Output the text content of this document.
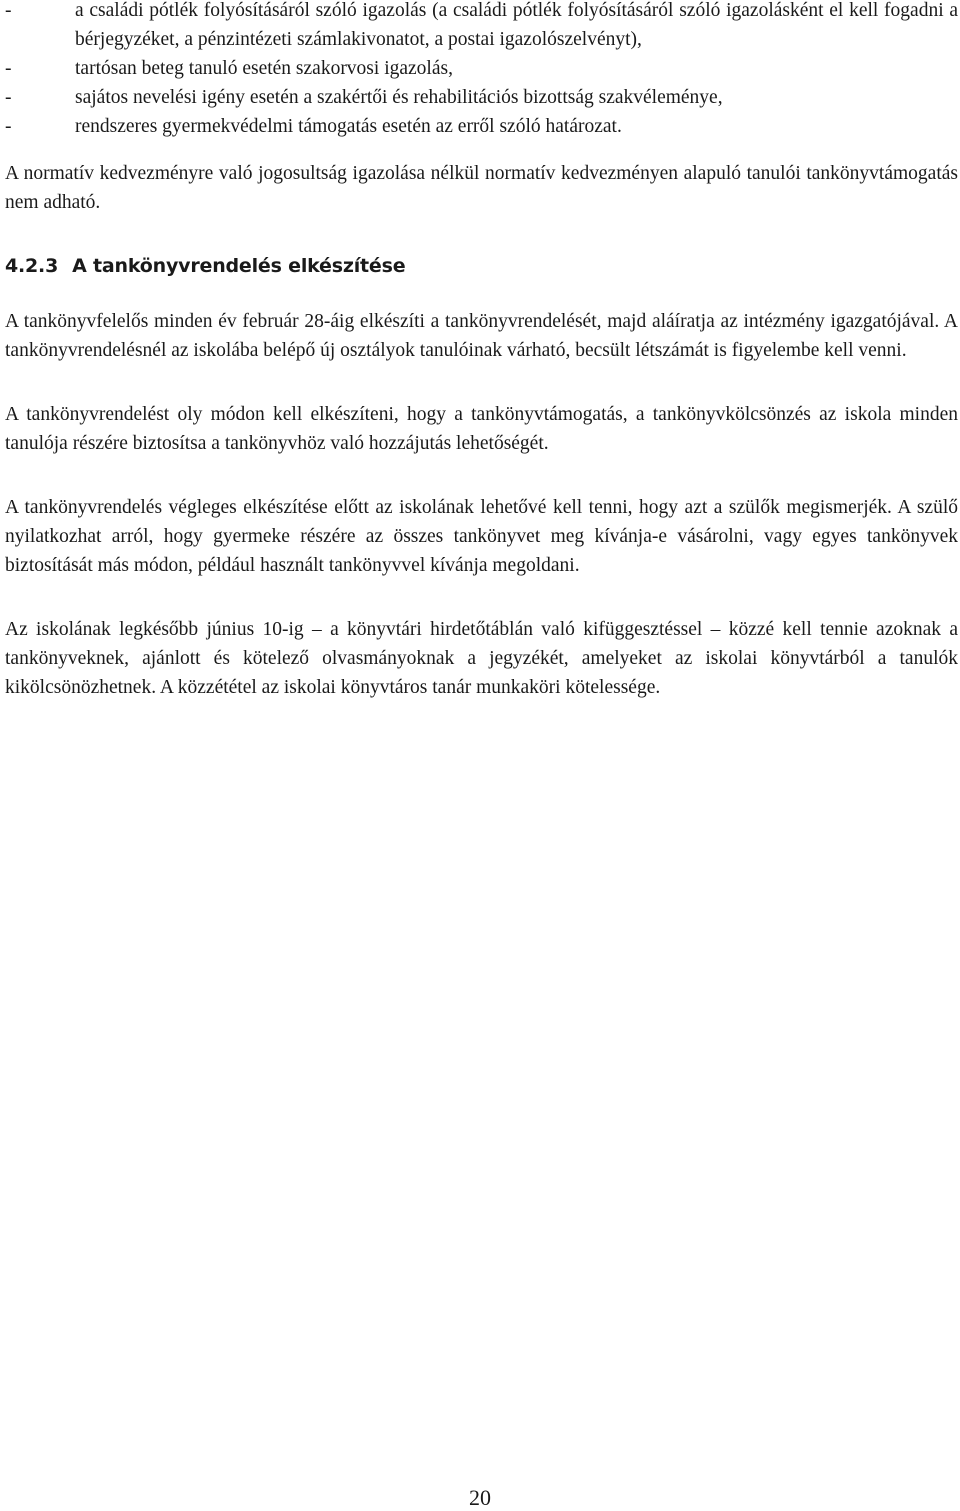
-	a családi pótlék folyósításáról szóló igazolás (a családi pótlék folyósításáról szóló igazolásként el kell fogadni a bérjegyzéket, a pénzintézeti számlakivonatot, a postai igazolószelvényt),
-	tartósan beteg tanuló esetén szakorvosi igazolás,
-	sajátos nevelési igény esetén a szakértői és rehabilitációs bizottság szakvéleménye,
-	rendszeres gyermekvédelmi támogatás esetén az erről szóló határozat.

A normatív kedvezményre való jogosultság igazolása nélkül normatív kedvezményen alapuló tanulói tankönyvtámogatás nem adható.

4.2.3 A tankönyvrendelés elkészítése

A tankönyvfelelős minden év február 28-áig elkészíti a tankönyvrendelését, majd aláíratja az intézmény igazgatójával. A tankönyvrendelésnél az iskolába belépő új osztályok tanulóinak várható, becsült létszámát is figyelembe kell venni.

A tankönyvrendelést oly módon kell elkészíteni, hogy a tankönyvtámogatás, a tankönyvkölcsönzés az iskola minden tanulója részére biztosítsa a tankönyvhöz való hozzájutás lehetőségét.

A tankönyvrendelés végleges elkészítése előtt az iskolának lehetővé kell tenni, hogy azt a szülők megismerjék. A szülő nyilatkozhat arról, hogy gyermeke részére az összes tankönyvet meg kívánja-e vásárolni, vagy egyes tankönyvek biztosítását más módon, például használt tankönyvvel kívánja megoldani.

Az iskolának legkésőbb június 10-ig – a könyvtári hirdetőtáblán való kifüggesztéssel – közzé kell tennie azoknak a tankönyveknek, ajánlott és kötelező olvasmányoknak a jegyzékét, amelyeket az iskolai könyvtárból a tanulók kikölcsönözhetnek. A közzététel az iskolai könyvtáros tanár munkaköri kötelessége.

20
